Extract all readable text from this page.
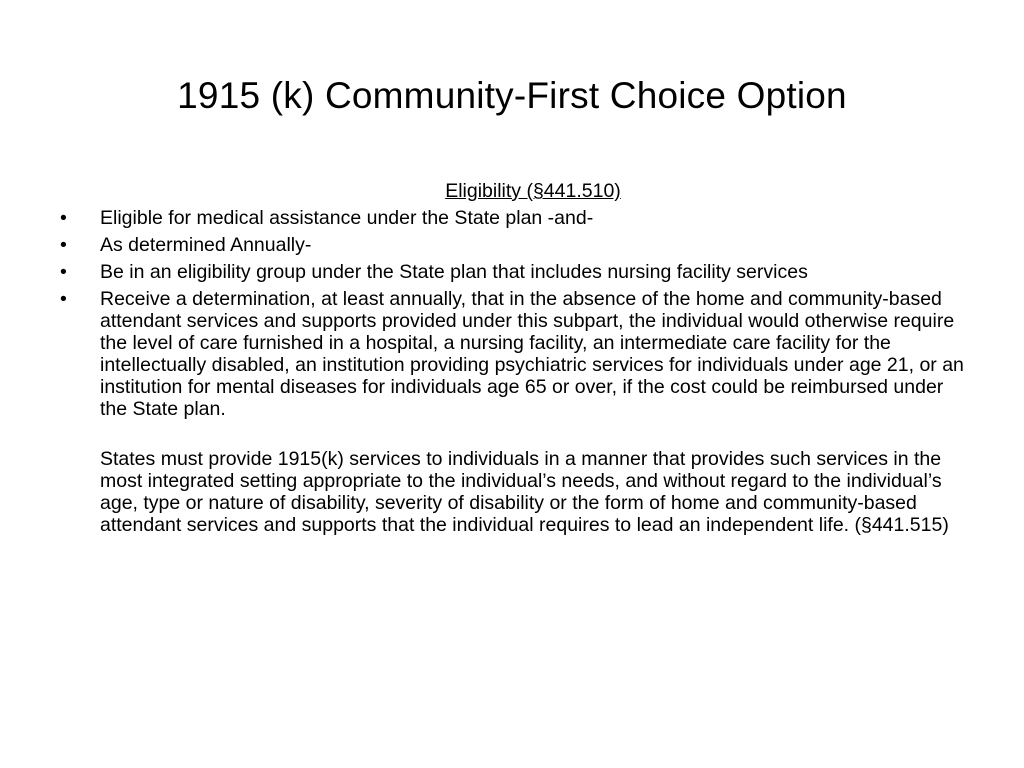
1915 (k) Community-First Choice Option
Eligibility (§441.510)
• Eligible for medical assistance under the State plan -and-
• As determined Annually-
• Be in an eligibility group under the State plan that includes nursing facility services
• Receive a determination, at least annually, that in the absence of the home and community-based attendant services and supports provided under this subpart, the individual would otherwise require the level of care furnished in a hospital, a nursing facility, an intermediate care facility for the intellectually disabled, an institution providing psychiatric services for individuals under age 21, or an institution for mental diseases for individuals age 65 or over, if the cost could be reimbursed under the State plan.
States must provide 1915(k) services to individuals in a manner that provides such services in the most integrated setting appropriate to the individual’s needs, and without regard to the individual’s age, type or nature of disability, severity of disability or the form of home and community-based attendant services and supports that the individual requires to lead an independent life. (§441.515)
